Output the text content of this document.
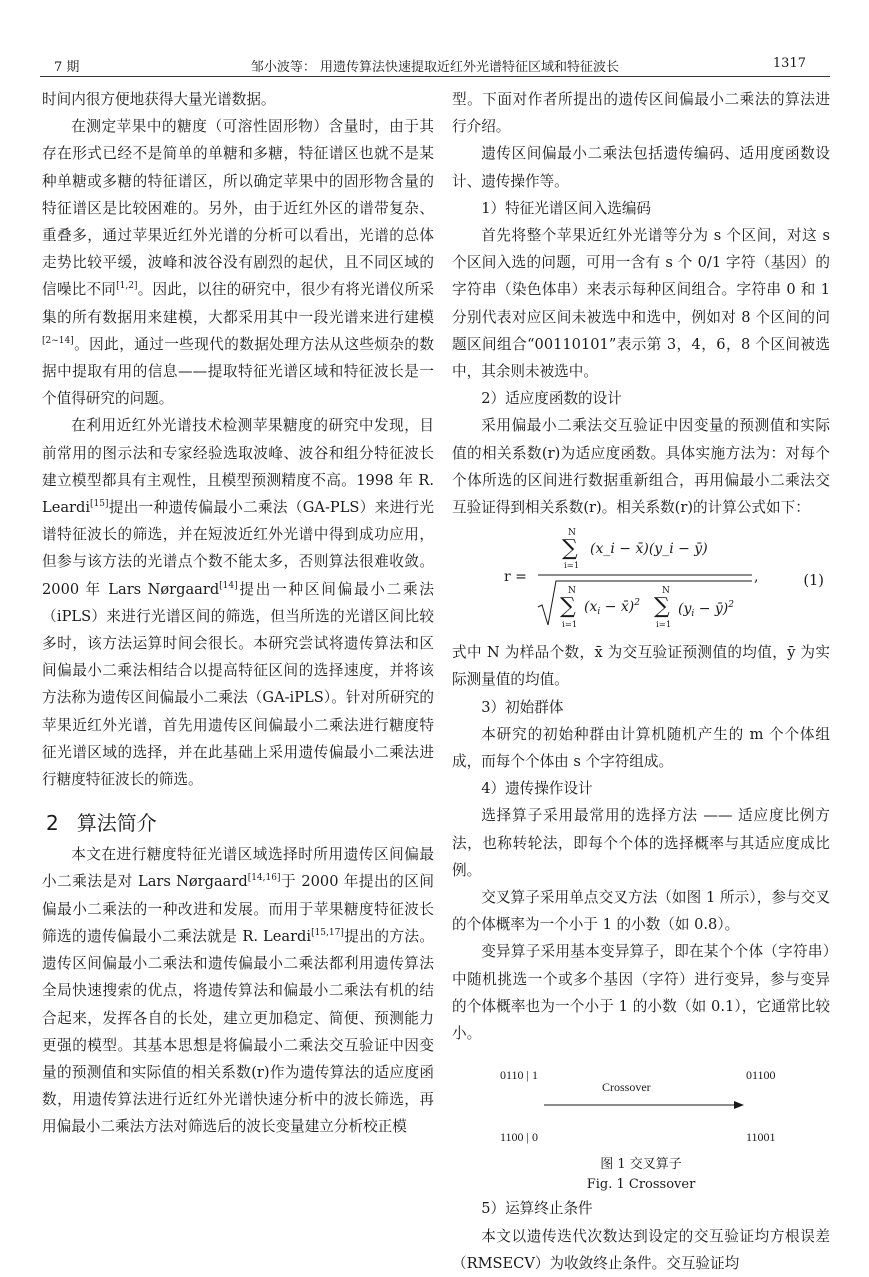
7 期	邹小波等： 用遗传算法快速提取近红外光谱特征区域和特征波长	1317

时间内很方便地获得大量光谱数据。

在测定苹果中的糖度（可溶性固形物）含量时，由于其存在形式已经不是简单的单糖和多糖，特征谱区也就不是某种单糖或多糖的特征谱区，所以确定苹果中的固形物含量的特征谱区是比较困难的。另外，由于近红外区的谱带复杂、重叠多，通过苹果近红外光谱的分析可以看出，光谱的总体走势比较平缓，波峰和波谷没有剧烈的起伏，且不同区域的信噪比不同[1,2]。因此，以往的研究中，很少有将光谱仪所采集的所有数据用来建模，大都采用其中一段光谱来进行建模[2~14]。因此，通过一些现代的数据处理方法从这些烦杂的数据中提取有用的信息——提取特征光谱区域和特征波长是一个值得研究的问题。

在利用近红外光谱技术检测苹果糖度的研究中发现，目前常用的图示法和专家经验选取波峰、波谷和组分特征波长建立模型都具有主观性，且模型预测精度不高。1998 年 R. Leardi[15]提出一种遗传偏最小二乘法（GA-PLS）来进行光谱特征波长的筛选，并在短波近红外光谱中得到成功应用，但参与该方法的光谱点个数不能太多，否则算法很难收敛。2000 年 Lars Nørgaard[14]提出一种区间偏最小二乘法（iPLS）来进行光谱区间的筛选，但当所选的光谱区间比较多时，该方法运算时间会很长。本研究尝试将遗传算法和区间偏最小二乘法相结合以提高特征区间的选择速度，并将该方法称为遗传区间偏最小二乘法（GA-iPLS）。针对所研究的苹果近红外光谱，首先用遗传区间偏最小二乘法进行糖度特征光谱区域的选择，并在此基础上采用遗传偏最小二乘法进行糖度特征波长的筛选。

2 算法简介

本文在进行糖度特征光谱区域选择时所用遗传区间偏最小二乘法是对 Lars Nørgaard[14,16]于 2000 年提出的区间偏最小二乘法的一种改进和发展。而用于苹果糖度特征波长筛选的遗传偏最小二乘法就是 R. Leardi[15,17]提出的方法。遗传区间偏最小二乘法和遗传偏最小二乘法都利用遗传算法全局快速搜索的优点，将遗传算法和偏最小二乘法有机的结合起来，发挥各自的长处，建立更加稳定、简便、预测能力更强的模型。其基本思想是将偏最小二乘法交互验证中因变量的预测值和实际值的相关系数(r)作为遗传算法的适应度函数，用遗传算法进行近红外光谱快速分析中的波长筛选，再用偏最小二乘法方法对筛选后的波长变量建立分析校正模

型。下面对作者所提出的遗传区间偏最小二乘法的算法进行介绍。

遗传区间偏最小二乘法包括遗传编码、适用度函数设计、遗传操作等。

1）特征光谱区间入选编码

首先将整个苹果近红外光谱等分为 s 个区间，对这 s 个区间入选的问题，可用一含有 s 个 0/1 字符（基因）的字符串（染色体串）来表示每种区间组合。字符串 0 和 1 分别代表对应区间未被选中和选中，例如对 8 个区间的问题区间组合“00110101”表示第 3，4，6，8 个区间被选中，其余则未被选中。

2）适应度函数的设计

采用偏最小二乘法交互验证中因变量的预测值和实际值的相关系数(r)为适应度函数。具体实施方法为：对每个个体所选的区间进行数据重新组合，再用偏最小二乘法交互验证得到相关系数(r)。相关系数(r)的计算公式如下：

r =
N
∑
i=1
(x_i − x̄)(y_i − ȳ)
,
N
∑
i=1
($x_i$ − x̄)$^2$
N
∑
i=1
($y_i$ − ȳ)$^2$
(1)

式中 N 为样品个数，x̄ 为交互验证预测值的均值，ȳ 为实际测量值的均值。

3）初始群体

本研究的初始种群由计算机随机产生的 m 个个体组成，而每个个体由 s 个字符组成。

4）遗传操作设计

选择算子采用最常用的选择方法 —— 适应度比例方法，也称转轮法，即每个个体的选择概率与其适应度成比例。

交叉算子采用单点交叉方法（如图 1 所示），参与交叉的个体概率为一个小于 1 的小数（如 0.8）。

变异算子采用基本变异算子，即在某个个体（字符串）中随机挑选一个或多个基因（字符）进行变异，参与变异的个体概率也为一个小于 1 的小数（如 0.1），它通常比较小。

0110 | 1
Crossover
01100
1100 | 0	11001
图 1 交叉算子
Fig. 1 Crossover

5）运算终止条件

本文以遗传迭代次数达到设定的交互验证均方根误差（RMSECV）为收敛终止条件。交互验证均
